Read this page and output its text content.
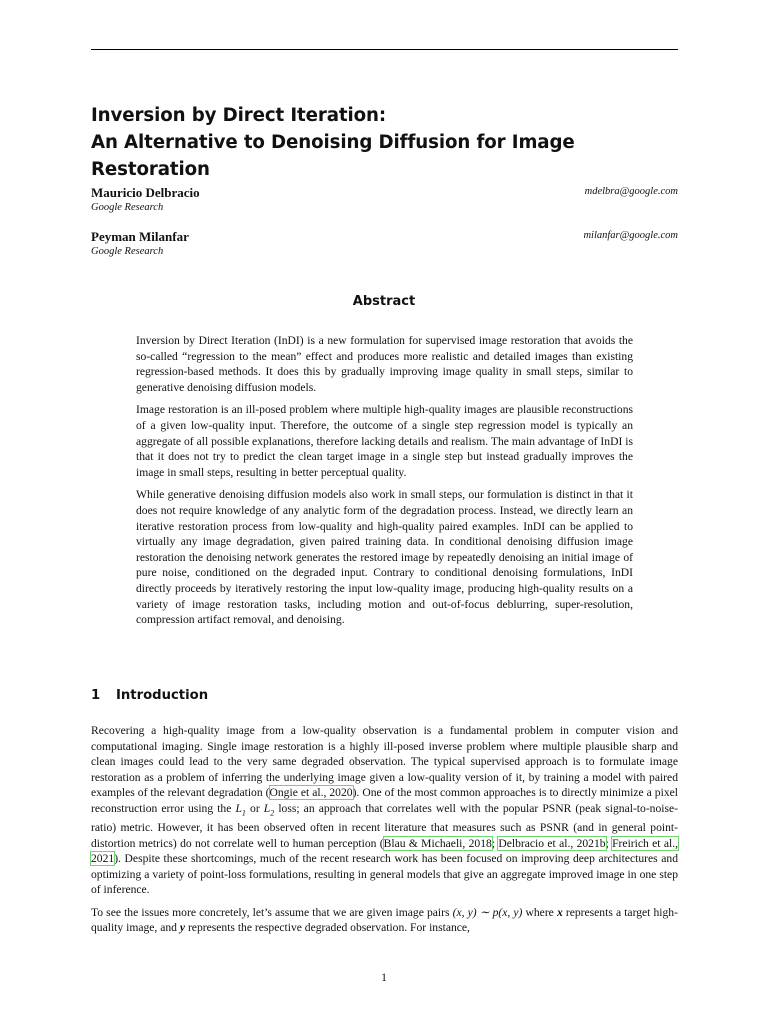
Inversion by Direct Iteration:
An Alternative to Denoising Diffusion for Image Restoration
Mauricio Delbracio
Google Research
mdelbra@google.com
Peyman Milanfar
Google Research
milanfar@google.com
Abstract

Inversion by Direct Iteration (InDI) is a new formulation for supervised image restoration that avoids the so-called “regression to the mean” effect and produces more realistic and detailed images than existing regression-based methods. It does this by gradually improving image quality in small steps, similar to generative denoising diffusion models.

Image restoration is an ill-posed problem where multiple high-quality images are plausible reconstructions of a given low-quality input. Therefore, the outcome of a single step regression model is typically an aggregate of all possible explanations, therefore lacking details and realism. The main advantage of InDI is that it does not try to predict the clean target image in a single step but instead gradually improves the image in small steps, resulting in better perceptual quality.

While generative denoising diffusion models also work in small steps, our formulation is distinct in that it does not require knowledge of any analytic form of the degradation process. Instead, we directly learn an iterative restoration process from low-quality and high-quality paired examples. InDI can be applied to virtually any image degradation, given paired training data. In conditional denoising diffusion image restoration the denoising network generates the restored image by repeatedly denoising an initial image of pure noise, conditioned on the degraded input. Contrary to conditional denoising formulations, InDI directly proceeds by iteratively restoring the input low-quality image, producing high-quality results on a variety of image restoration tasks, including motion and out-of-focus deblurring, super-resolution, compression artifact removal, and denoising.

1 Introduction

Recovering a high-quality image from a low-quality observation is a fundamental problem in computer vision and computational imaging. Single image restoration is a highly ill-posed inverse problem where multiple plausible sharp and clean images could lead to the very same degraded observation. The typical supervised approach is to formulate image restoration as a problem of inferring the underlying image given a low-quality version of it, by training a model with paired examples of the relevant degradation (Ongie et al., 2020). One of the most common approaches is to directly minimize a pixel reconstruction error using the $L_1$ or $L_2$ loss; an approach that correlates well with the popular PSNR (peak signal-to-noise-ratio) metric. However, it has been observed often in recent literature that measures such as PSNR (and in general point-distortion metrics) do not correlate well to human perception (Blau & Michaeli, 2018; Delbracio et al., 2021b; Freirich et al., 2021). Despite these shortcomings, much of the recent research work has been focused on improving deep architectures and optimizing a variety of point-loss formulations, resulting in general models that give an aggregate improved image in one step of inference.

To see the issues more concretely, let’s assume that we are given image pairs (x, y) ∼ p(x, y) where x represents a target high-quality image, and y represents the respective degraded observation. For instance,

1
